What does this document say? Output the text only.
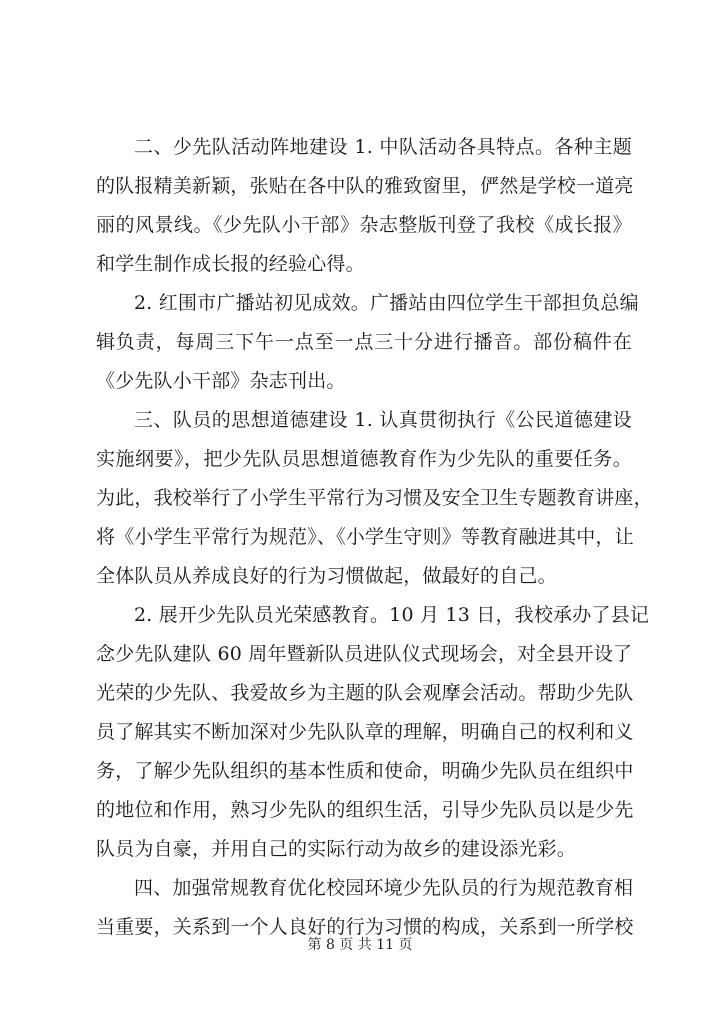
二、少先队活动阵地建设 1. 中队活动各具特点。各种主题
的队报精美新颖，张贴在各中队的雅致窗里，俨然是学校一道亮
丽的风景线。《少先队小干部》杂志整版刊登了我校《成长报》
和学生制作成长报的经验心得。
2. 红围市广播站初见成效。广播站由四位学生干部担负总编
辑负责，每周三下午一点至一点三十分进行播音。部份稿件在
《少先队小干部》杂志刊出。
三、队员的思想道德建设 1. 认真贯彻执行《公民道德建设
实施纲要》，把少先队员思想道德教育作为少先队的重要任务。
为此，我校举行了小学生平常行为习惯及安全卫生专题教育讲座，
将《小学生平常行为规范》、《小学生守则》等教育融进其中，让
全体队员从养成良好的行为习惯做起，做最好的自己。
2. 展开少先队员光荣感教育。10 月 13 日，我校承办了县记
念少先队建队 60 周年暨新队员进队仪式现场会，对全县开设了
光荣的少先队、我爱故乡为主题的队会观摩会活动。帮助少先队
员了解其实不断加深对少先队队章的理解，明确自己的权利和义
务，了解少先队组织的基本性质和使命，明确少先队员在组织中
的地位和作用，熟习少先队的组织生活，引导少先队员以是少先
队员为自豪，并用自己的实际行动为故乡的建设添光彩。
四、加强常规教育优化校园环境少先队员的行为规范教育相
当重要，关系到一个人良好的行为习惯的构成，关系到一所学校
第 8 页 共 11 页
